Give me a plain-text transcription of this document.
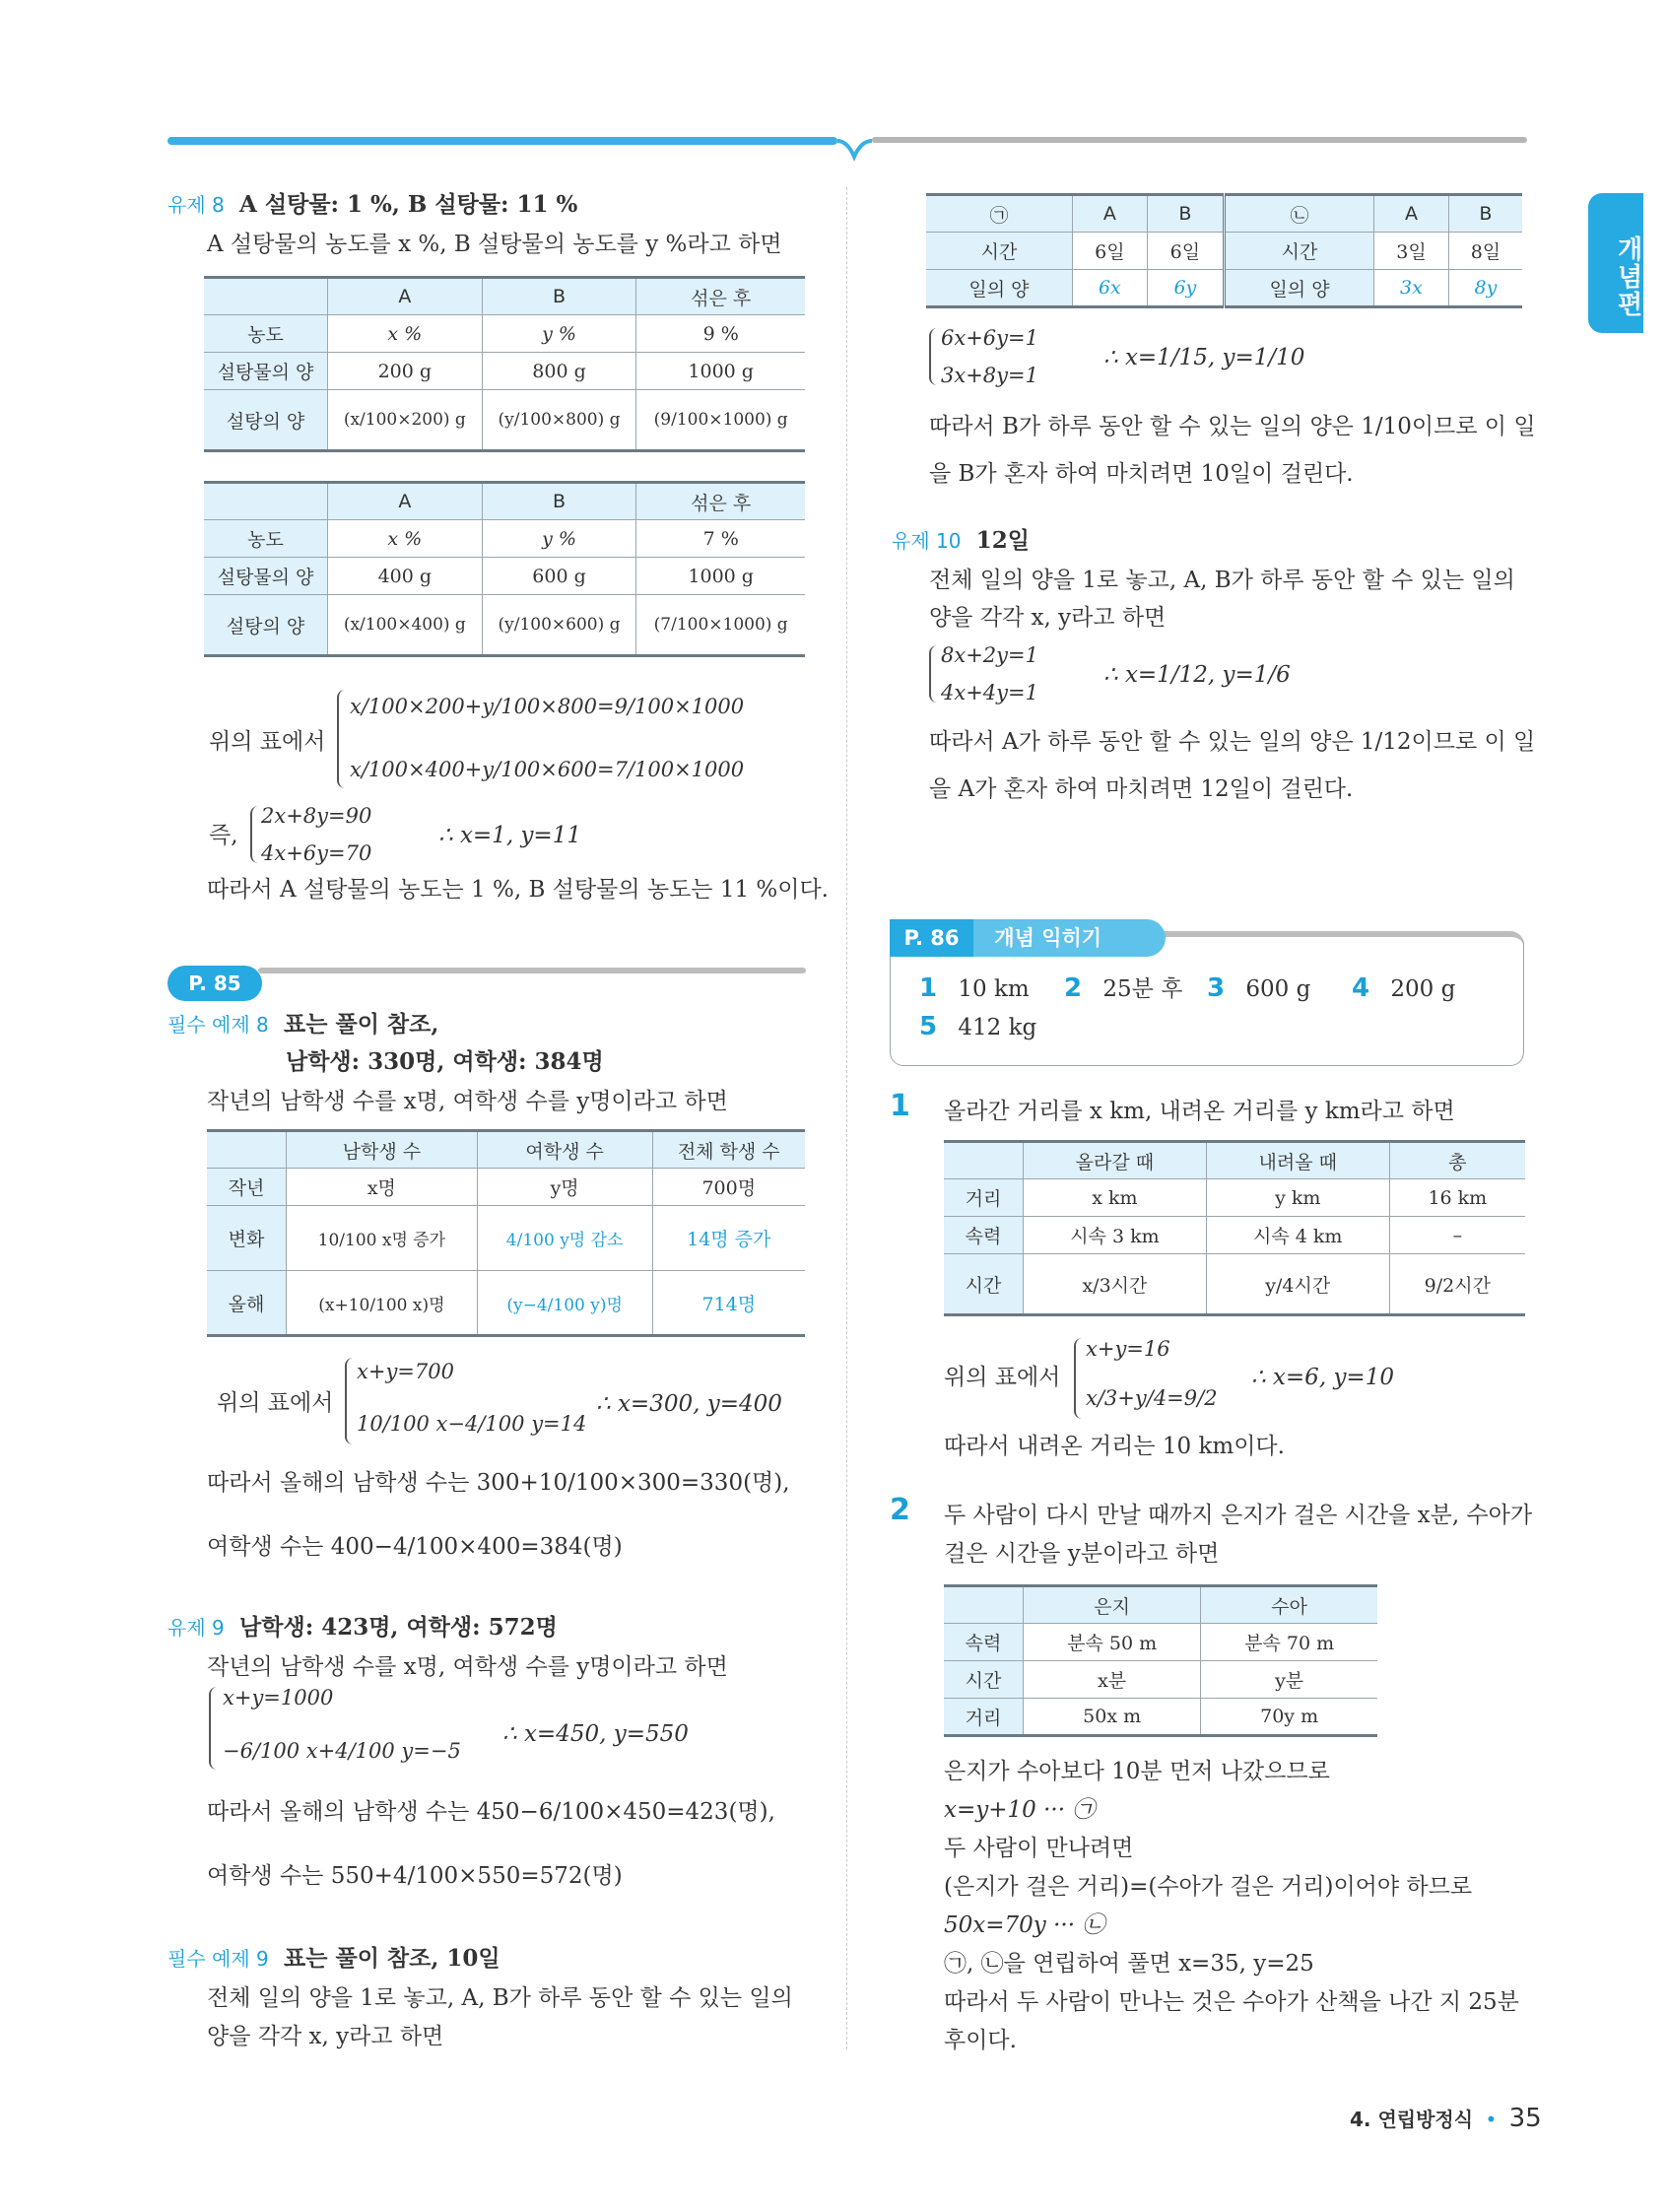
개념편
유제 8 A 설탕물: 1 %, B 설탕물: 11 %
A 설탕물의 농도를 x %, B 설탕물의 농도를 y %라고 하면
	A	B	섞은 후
농도	x %	y %	9 %
설탕물의 양	200 g	800 g	1000 g
설탕의 양	(x/100×200) g	(y/100×800) g	(9/100×1000) g
	A	B	섞은 후
농도	x %	y %	7 %
설탕물의 양	400 g	600 g	1000 g
설탕의 양	(x/100×400) g	(y/100×600) g	(7/100×1000) g
위의 표에서
x/100×200+y/100×800=9/100×1000
x/100×400+y/100×600=7/100×1000
즉,
2x+8y=90
4x+6y=70
∴ x=1, y=11
따라서 A 설탕물의 농도는 1 %, B 설탕물의 농도는 11 %이다.
P. 85
필수 예제 8 표는 풀이 참조,
남학생: 330명, 여학생: 384명
작년의 남학생 수를 x명, 여학생 수를 y명이라고 하면
	남학생 수	여학생 수	전체 학생 수
작년	x명	y명	700명
변화	10/100 x명 증가	4/100 y명 감소	14명 증가
올해	(x+10/100 x)명	(y−4/100 y)명	714명
위의 표에서
x+y=700
10/100 x−4/100 y=14
∴ x=300, y=400
따라서 올해의 남학생 수는 300+10/100×300=330(명),
여학생 수는 400−4/100×400=384(명)
유제 9 남학생: 423명, 여학생: 572명
작년의 남학생 수를 x명, 여학생 수를 y명이라고 하면
x+y=1000
−6/100 x+4/100 y=−5
∴ x=450, y=550
따라서 올해의 남학생 수는 450−6/100×450=423(명),
여학생 수는 550+4/100×550=572(명)
필수 예제 9 표는 풀이 참조, 10일
전체 일의 양을 1로 놓고, A, B가 하루 동안 할 수 있는 일의
양을 각각 x, y라고 하면
㉠	A	B	㉡	A	B
시간	6일	6일	시간	3일	8일
일의 양	6x	6y	일의 양	3x	8y
6x+6y=1
3x+8y=1
∴ x=1/15, y=1/10
따라서 B가 하루 동안 할 수 있는 일의 양은 1/10이므로 이 일
을 B가 혼자 하여 마치려면 10일이 걸린다.
유제 10 12일
전체 일의 양을 1로 놓고, A, B가 하루 동안 할 수 있는 일의
양을 각각 x, y라고 하면
8x+2y=1
4x+4y=1
∴ x=1/12, y=1/6
따라서 A가 하루 동안 할 수 있는 일의 양은 1/12이므로 이 일
을 A가 혼자 하여 마치려면 12일이 걸린다.
P. 86 개념 익히기
1 10 km 2 25분 후 3 600 g 4 200 g
5 412 kg
1 올라간 거리를 x km, 내려온 거리를 y km라고 하면
	올라갈 때	내려올 때	총
거리	x km	y km	16 km
속력	시속 3 km	시속 4 km	–
시간	x/3시간	y/4시간	9/2시간
위의 표에서
x+y=16
x/3+y/4=9/2
∴ x=6, y=10
따라서 내려온 거리는 10 km이다.
2 두 사람이 다시 만날 때까지 은지가 걸은 시간을 x분, 수아가
걸은 시간을 y분이라고 하면
	은지	수아
속력	분속 50 m	분속 70 m
시간	x분	y분
거리	50x m	70y m
은지가 수아보다 10분 먼저 나갔으므로
x=y+10 ··· ㉠
두 사람이 만나려면
(은지가 걸은 거리)=(수아가 걸은 거리)이어야 하므로
50x=70y ··· ㉡
㉠, ㉡을 연립하여 풀면 x=35, y=25
따라서 두 사람이 만나는 것은 수아가 산책을 나간 지 25분
후이다.
4. 연립방정식 • 35
